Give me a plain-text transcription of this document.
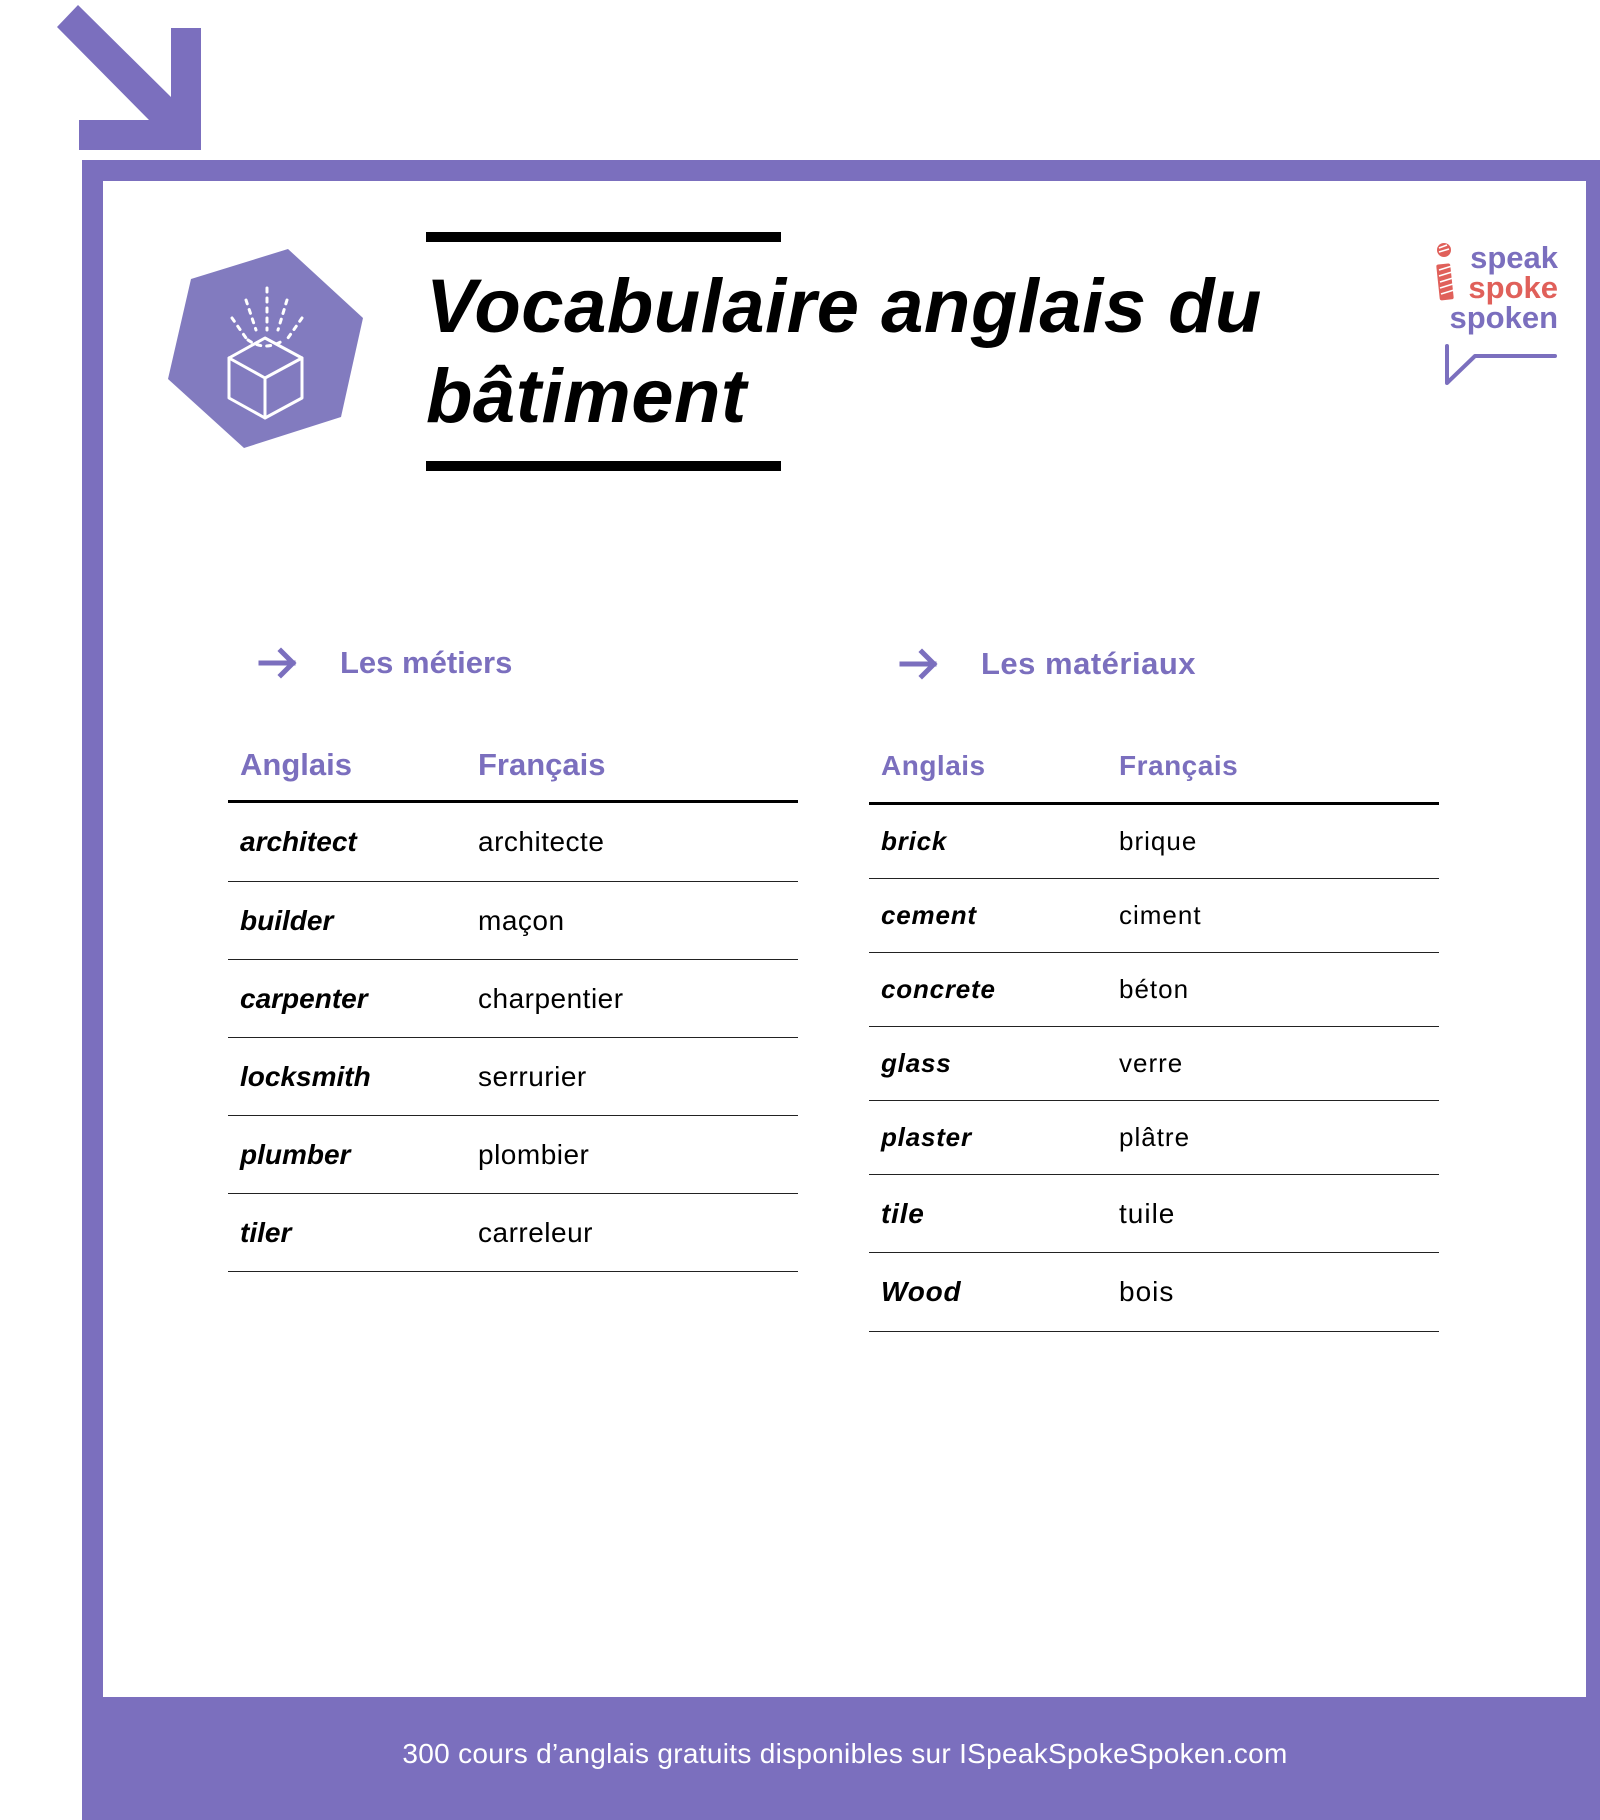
Vocabulaire anglais du
bâtiment
speak
spoke
spoken
Les métiers
Anglais	Français
architect	architecte
builder	maçon
carpenter	charpentier
locksmith	serrurier
plumber	plombier
tiler	carreleur
Les matériaux
Anglais	Français
brick	brique
cement	ciment
concrete	béton
glass	verre
plaster	plâtre
tile	tuile
Wood	bois
300 cours d’anglais gratuits disponibles sur ISpeakSpokeSpoken.com
